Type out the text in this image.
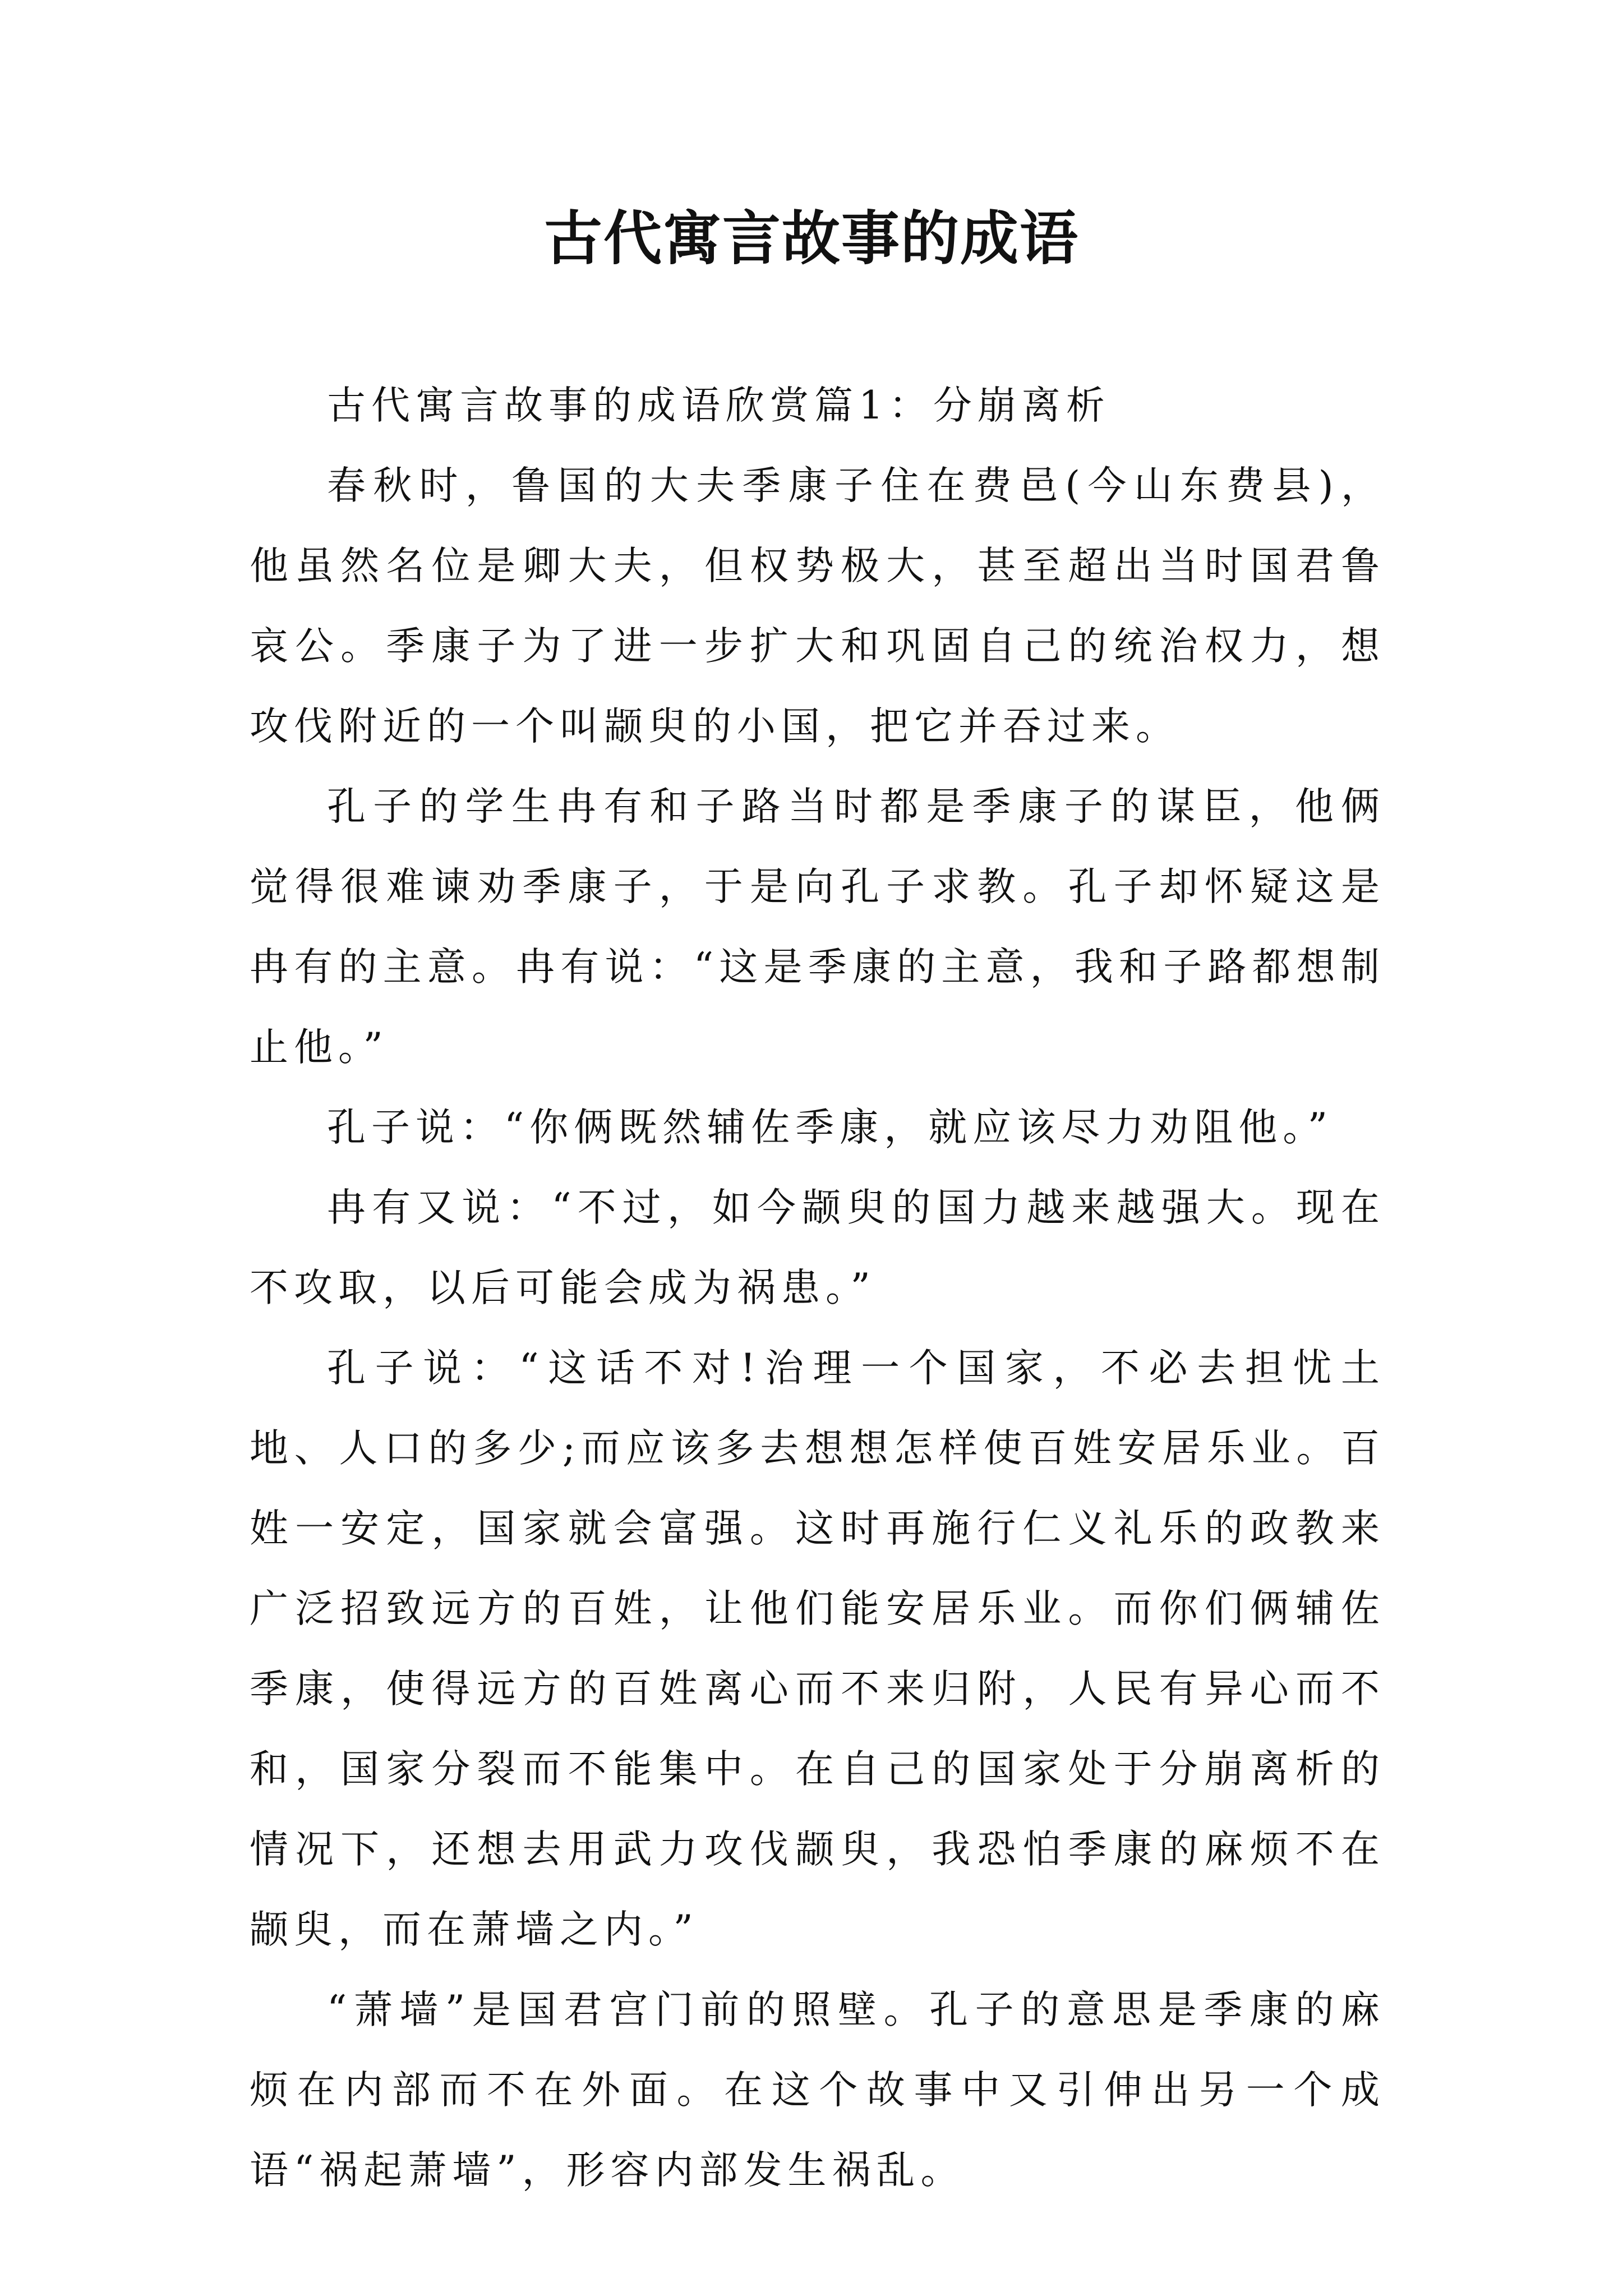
古代寓言故事的成语

古代寓言故事的成语欣赏篇1：分崩离析

春秋时，鲁国的大夫季康子住在费邑(今山东费县)，他虽然名位是卿大夫，但权势极大，甚至超出当时国君鲁哀公。季康子为了进一步扩大和巩固自己的统治权力，想攻伐附近的一个叫颛臾的小国，把它并吞过来。

孔子的学生冉有和子路当时都是季康子的谋臣，他俩觉得很难谏劝季康子，于是向孔子求教。孔子却怀疑这是冉有的主意。冉有说：“这是季康的主意，我和子路都想制止他。”

孔子说：“你俩既然辅佐季康，就应该尽力劝阻他。”

冉有又说：“不过，如今颛臾的国力越来越强大。现在不攻取，以后可能会成为祸患。”

孔子说：“这话不对!治理一个国家，不必去担忧土地、人口的多少;而应该多去想想怎样使百姓安居乐业。百姓一安定，国家就会富强。这时再施行仁义礼乐的政教来广泛招致远方的百姓，让他们能安居乐业。而你们俩辅佐季康，使得远方的百姓离心而不来归附，人民有异心而不和，国家分裂而不能集中。在自己的国家处于分崩离析的情况下，还想去用武力攻伐颛臾，我恐怕季康的麻烦不在颛臾，而在萧墙之内。”

“萧墙”是国君宫门前的照壁。孔子的意思是季康的麻烦在内部而不在外面。在这个故事中又引伸出另一个成语“祸起萧墙”，形容内部发生祸乱。
